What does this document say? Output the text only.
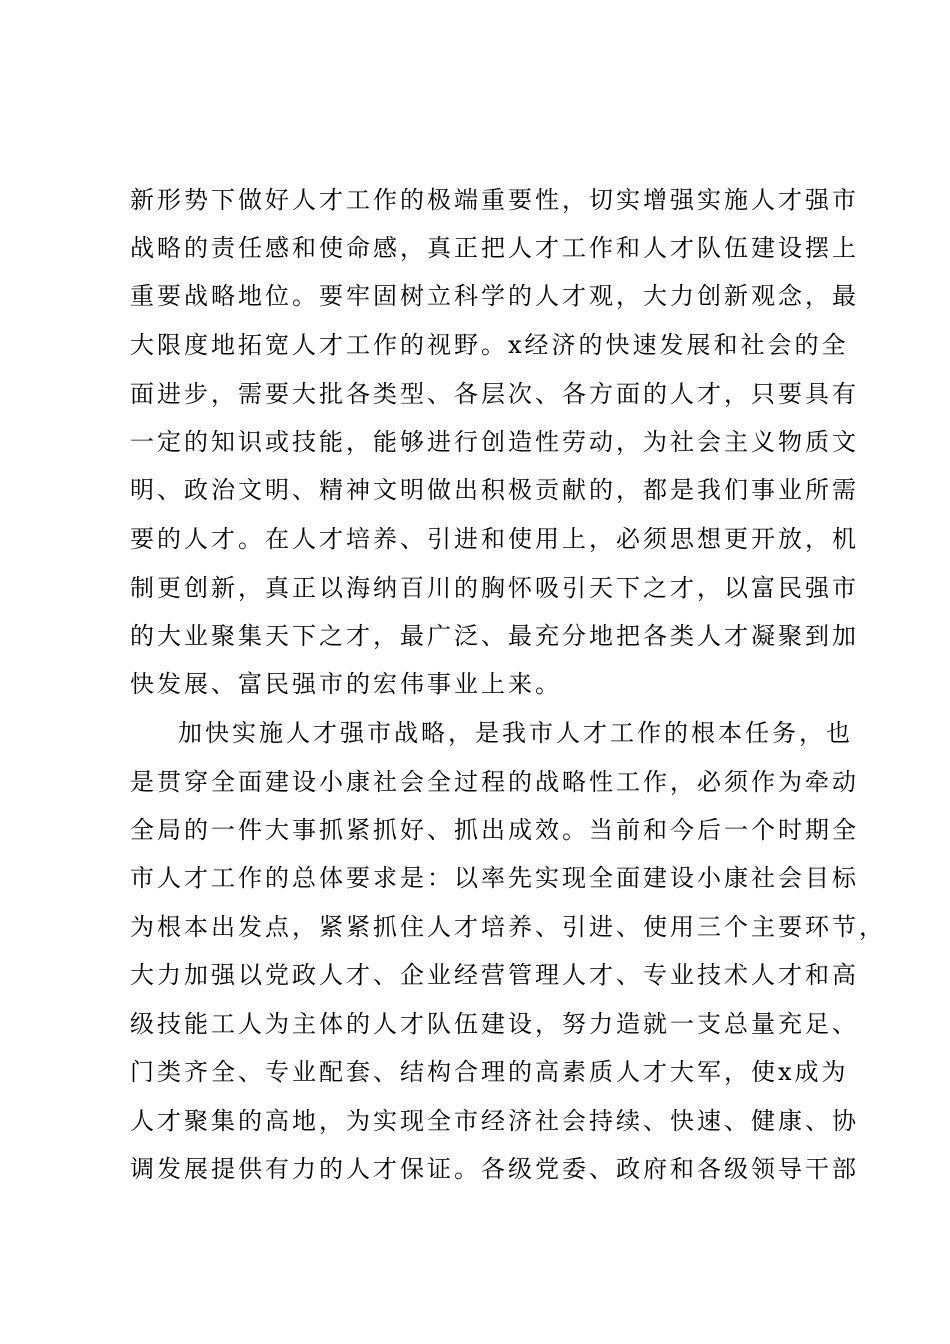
新形势下做好人才工作的极端重要性，切实增强实施人才强市
战略的责任感和使命感，真正把人才工作和人才队伍建设摆上
重要战略地位。要牢固树立科学的人才观，大力创新观念，最
大限度地拓宽人才工作的视野。x经济的快速发展和社会的全
面进步，需要大批各类型、各层次、各方面的人才，只要具有
一定的知识或技能，能够进行创造性劳动，为社会主义物质文
明、政治文明、精神文明做出积极贡献的，都是我们事业所需
要的人才。在人才培养、引进和使用上，必须思想更开放，机
制更创新，真正以海纳百川的胸怀吸引天下之才，以富民强市
的大业聚集天下之才，最广泛、最充分地把各类人才凝聚到加
快发展、富民强市的宏伟事业上来。
加快实施人才强市战略，是我市人才工作的根本任务，也
是贯穿全面建设小康社会全过程的战略性工作，必须作为牵动
全局的一件大事抓紧抓好、抓出成效。当前和今后一个时期全
市人才工作的总体要求是：以率先实现全面建设小康社会目标
为根本出发点，紧紧抓住人才培养、引进、使用三个主要环节，
大力加强以党政人才、企业经营管理人才、专业技术人才和高
级技能工人为主体的人才队伍建设，努力造就一支总量充足、
门类齐全、专业配套、结构合理的高素质人才大军，使x成为
人才聚集的高地，为实现全市经济社会持续、快速、健康、协
调发展提供有力的人才保证。各级党委、政府和各级领导干部
